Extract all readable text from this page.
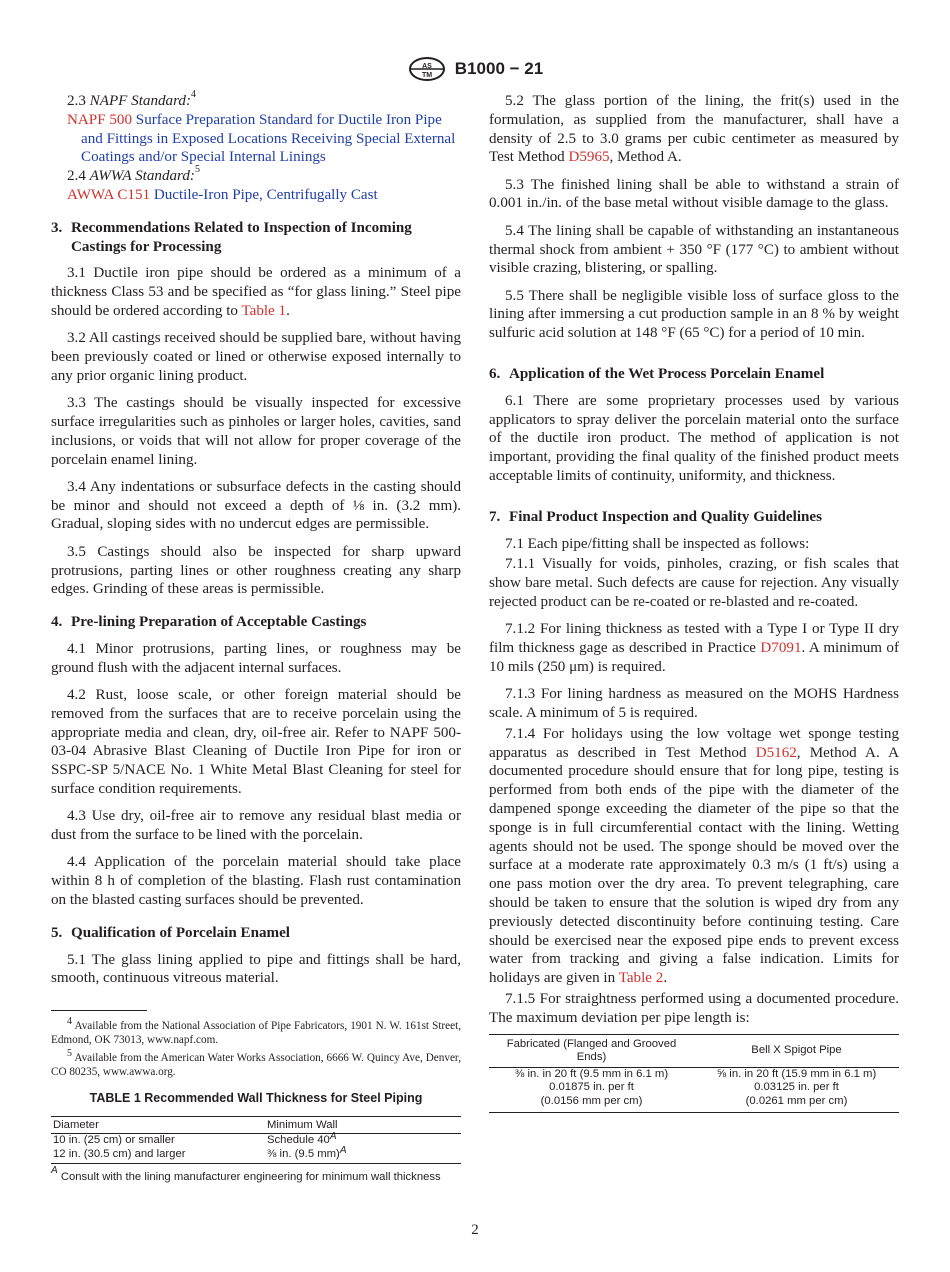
AS
TM B1000 − 21

2.3 NAPF Standard:$^4$

NAPF 500 Surface Preparation Standard for Ductile Iron Pipe and Fittings in Exposed Locations Receiving Special External Coatings and/or Special Internal Linings

2.4 AWWA Standard:$^5$

AWWA C151 Ductile-Iron Pipe, Centrifugally Cast

3. Recommendations Related to Inspection of Incoming Castings for Processing

3.1 Ductile iron pipe should be ordered as a minimum of a thickness Class 53 and be specified as “for glass lining.” Steel pipe should be ordered according to Table 1.

3.2 All castings received should be supplied bare, without having been previously coated or lined or otherwise exposed internally to any prior organic lining product.

3.3 The castings should be visually inspected for excessive surface irregularities such as pinholes or larger holes, cavities, sand inclusions, or voids that will not allow for proper coverage of the porcelain enamel lining.

3.4 Any indentations or subsurface defects in the casting should be minor and should not exceed a depth of ⅛ in. (3.2 mm). Gradual, sloping sides with no undercut edges are permissible.

3.5 Castings should also be inspected for sharp upward protrusions, parting lines or other roughness creating any sharp edges. Grinding of these areas is permissible.

4. Pre-lining Preparation of Acceptable Castings

4.1 Minor protrusions, parting lines, or roughness may be ground flush with the adjacent internal surfaces.

4.2 Rust, loose scale, or other foreign material should be removed from the surfaces that are to receive porcelain using the appropriate media and clean, dry, oil-free air. Refer to NAPF 500-03-04 Abrasive Blast Cleaning of Ductile Iron Pipe for iron or SSPC-SP 5/NACE No. 1 White Metal Blast Cleaning for steel for surface condition requirements.

4.3 Use dry, oil-free air to remove any residual blast media or dust from the surface to be lined with the porcelain.

4.4 Application of the porcelain material should take place within 8 h of completion of the blasting. Flash rust contamination on the blasted casting surfaces should be prevented.

5. Qualification of Porcelain Enamel

5.1 The glass lining applied to pipe and fittings shall be hard, smooth, continuous vitreous material.

$^4$ Available from the National Association of Pipe Fabricators, 1901 N. W. 161st Street, Edmond, OK 73013, www.napf.com.

$^5$ Available from the American Water Works Association, 6666 W. Quincy Ave, Denver, CO 80235, www.awwa.org.

TABLE 1 Recommended Wall Thickness for Steel Piping
Diameter	Minimum Wall
10 in. (25 cm) or smaller	Schedule $40^A$
12 in. (30.5 cm) and larger	⅜ in. (9.5 mm)$^A$
$^A$ Consult with the lining manufacturer engineering for minimum wall thickness

5.2 The glass portion of the lining, the frit(s) used in the formulation, as supplied from the manufacturer, shall have a density of 2.5 to 3.0 grams per cubic centimeter as measured by Test Method D5965, Method A.

5.3 The finished lining shall be able to withstand a strain of 0.001 in./in. of the base metal without visible damage to the glass.

5.4 The lining shall be capable of withstanding an instantaneous thermal shock from ambient + 350 °F (177 °C) to ambient without visible crazing, blistering, or spalling.

5.5 There shall be negligible visible loss of surface gloss to the lining after immersing a cut production sample in an 8 % by weight sulfuric acid solution at 148 °F (65 °C) for a period of 10 min.

6. Application of the Wet Process Porcelain Enamel

6.1 There are some proprietary processes used by various applicators to spray deliver the porcelain material onto the surface of the ductile iron product. The method of application is not important, providing the final quality of the finished product meets acceptable limits of continuity, uniformity, and thickness.

7. Final Product Inspection and Quality Guidelines

7.1 Each pipe/fitting shall be inspected as follows:

7.1.1 Visually for voids, pinholes, crazing, or fish scales that show bare metal. Such defects are cause for rejection. Any visually rejected product can be re-coated or re-blasted and re-coated.

7.1.2 For lining thickness as tested with a Type I or Type II dry film thickness gage as described in Practice D7091. A minimum of 10 mils (250 μm) is required.

7.1.3 For lining hardness as measured on the MOHS Hardness scale. A minimum of 5 is required.

7.1.4 For holidays using the low voltage wet sponge testing apparatus as described in Test Method D5162, Method A. A documented procedure should ensure that for long pipe, testing is performed from both ends of the pipe with the diameter of the dampened sponge exceeding the diameter of the pipe so that the sponge is in full circumferential contact with the lining. Wetting agents should not be used. The sponge should be moved over the surface at a moderate rate approximately 0.3 m/s (1 ft/s) using a one pass motion over the dry area. To prevent telegraphing, care should be taken to ensure that the solution is wiped dry from any previously detected discontinuity before continuing testing. Care should be exercised near the exposed pipe ends to prevent excess water from tracking and giving a false indication. Limits for holidays are given in Table 2.

7.1.5 For straightness performed using a documented procedure. The maximum deviation per pipe length is:

Fabricated (Flanged and Grooved Ends)	Bell X Spigot Pipe
⅜ in. in 20 ft (9.5 mm in 6.1 m)	⅝ in. in 20 ft (15.9 mm in 6.1 m)
0.01875 in. per ft	0.03125 in. per ft
(0.0156 mm per cm)	(0.0261 mm per cm)
2
